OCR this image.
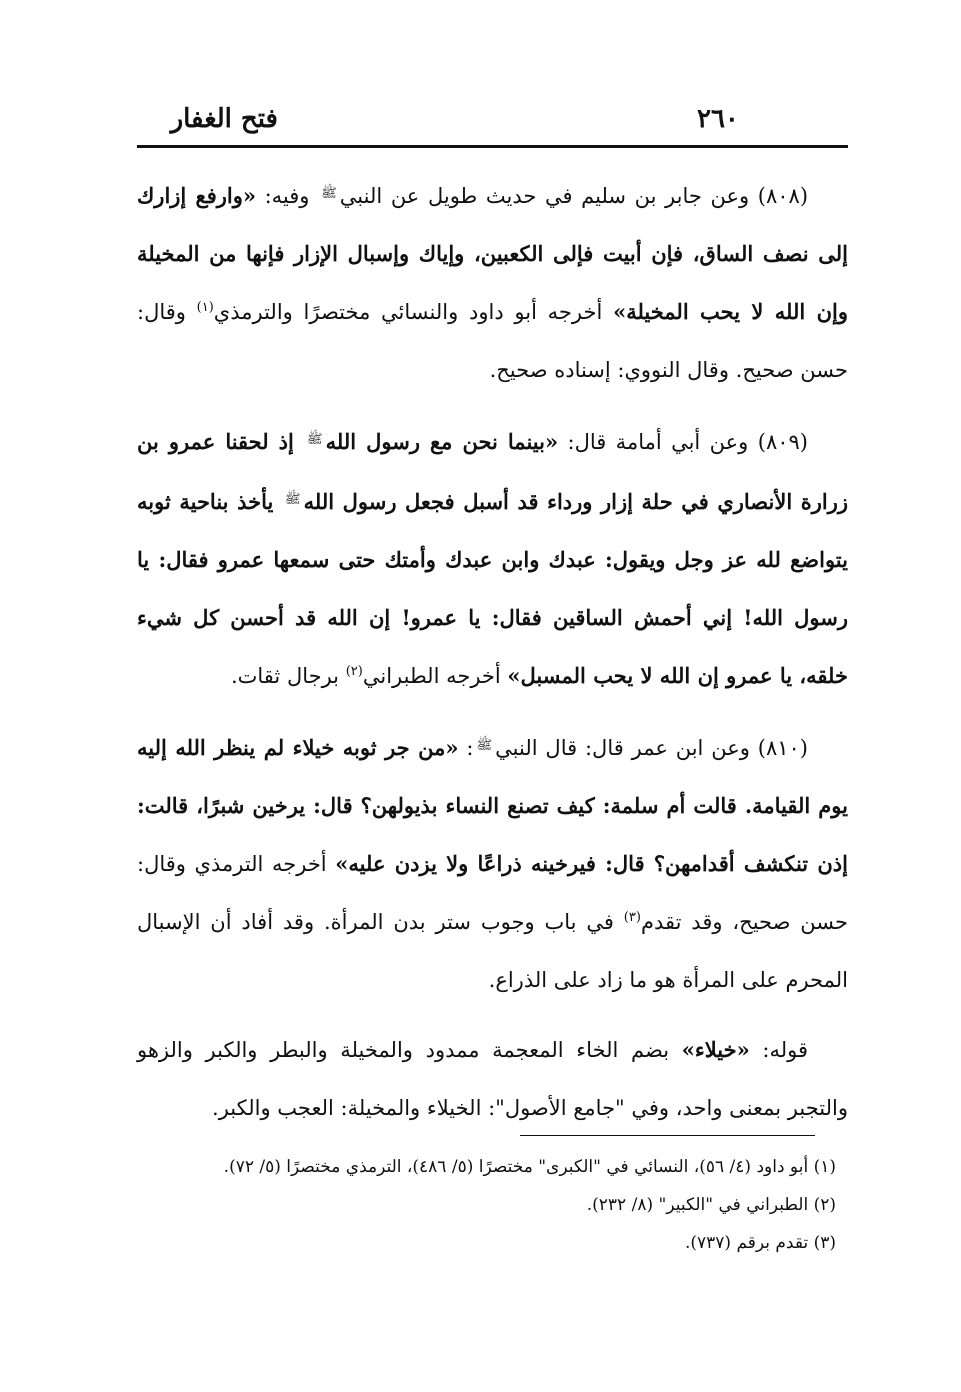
فتح الغفار	٢٦٠

(٨٠٨) وعن جابر بن سليم في حديث طويل عن النبي$^ﷺ$ وفيه: «وارفع إزارك إلى نصف الساق، فإن أبيت فإلى الكعبين، وإياك وإسبال الإزار فإنها من المخيلة وإن الله لا يحب المخيلة» أخرجه أبو داود والنسائي مختصرًا والترمذي$^{(١)}$ وقال: حسن صحيح. وقال النووي: إسناده صحيح.

(٨٠٩) وعن أبي أمامة قال: «بينما نحن مع رسول الله$^ﷺ$ إذ لحقنا عمرو بن زرارة الأنصاري في حلة إزار ورداء قد أسبل فجعل رسول الله$^ﷺ$ يأخذ بناحية ثوبه يتواضع لله عز وجل ويقول: عبدك وابن عبدك وأمتك حتى سمعها عمرو فقال: يا رسول الله! إني أحمش الساقين فقال: يا عمرو! إن الله قد أحسن كل شيء خلقه، يا عمرو إن الله لا يحب المسبل» أخرجه الطبراني$^{(٢)}$ برجال ثقات.

(٨١٠) وعن ابن عمر قال: قال النبي$^ﷺ$: «من جر ثوبه خيلاء لم ينظر الله إليه يوم القيامة. قالت أم سلمة: كيف تصنع النساء بذيولهن؟ قال: يرخين شبرًا، قالت: إذن تنكشف أقدامهن؟ قال: فيرخينه ذراعًا ولا يزدن عليه» أخرجه الترمذي وقال: حسن صحيح، وقد تقدم$^{(٣)}$ في باب وجوب ستر بدن المرأة. وقد أفاد أن الإسبال المحرم على المرأة هو ما زاد على الذراع.

قوله: «خيلاء» بضم الخاء المعجمة ممدود والمخيلة والبطر والكبر والزهو والتجبر بمعنى واحد، وفي "جامع الأصول": الخيلاء والمخيلة: العجب والكبر.

(١) أبو داود (٤/ ٥٦)، النسائي في "الكبرى" مختصرًا (٥/ ٤٨٦)، الترمذي مختصرًا (٥/ ٧٢).
(٢) الطبراني في "الكبير" (٨/ ٢٣٢).
(٣) تقدم برقم (٧٣٧).
